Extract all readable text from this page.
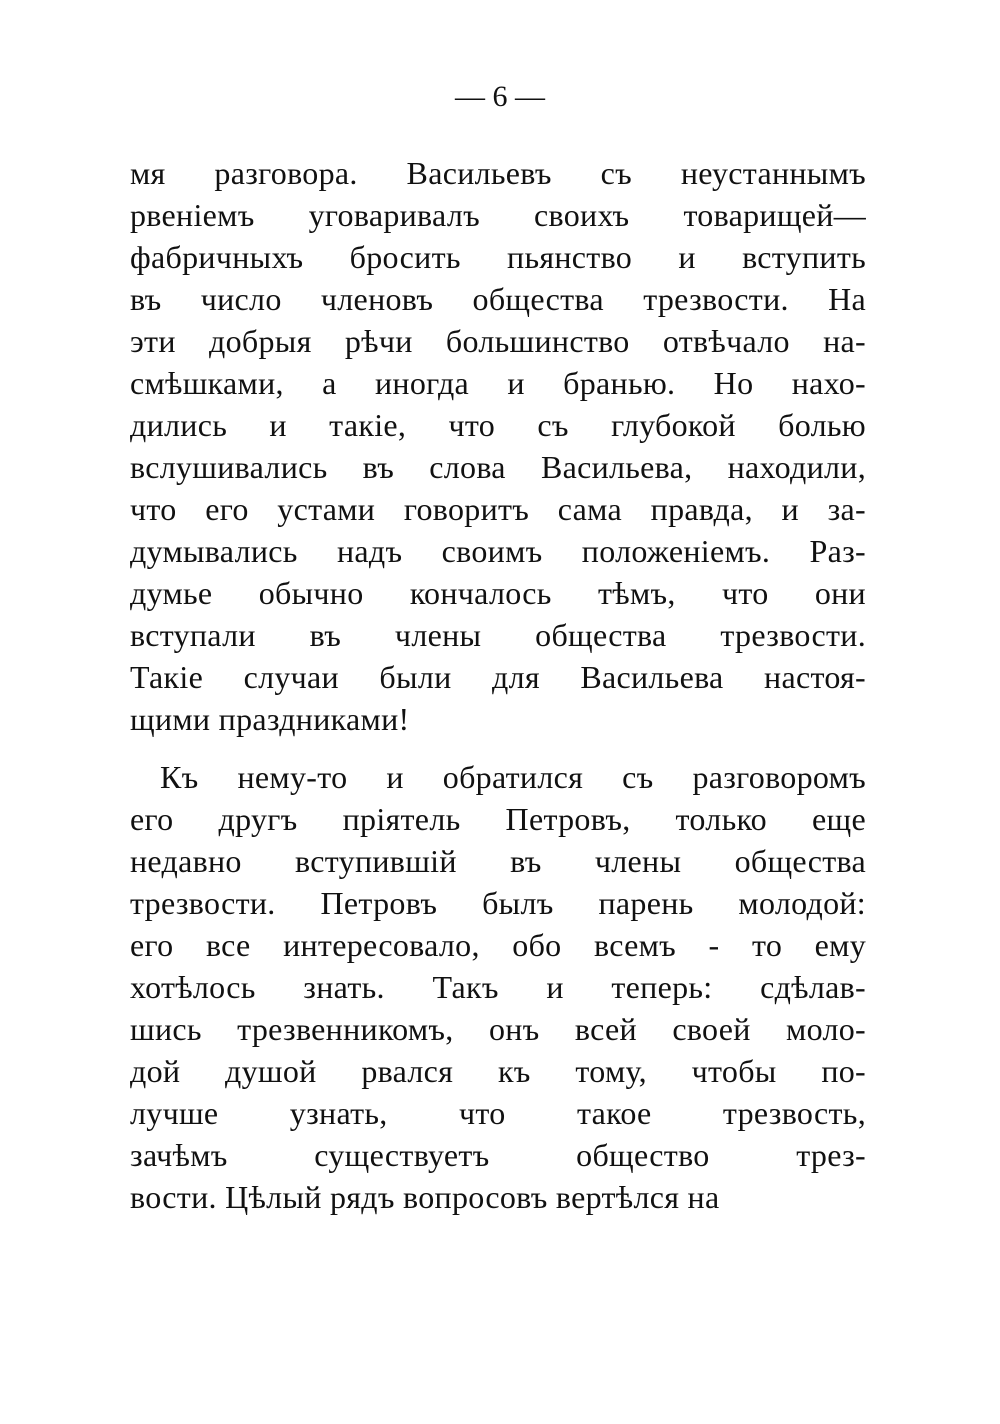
— 6 —
мя разговора. Васильевъ съ неустаннымъ
рвенiемъ уговаривалъ своихъ товарищей—
фабричныхъ бросить пьянство и вступить
въ число членовъ общества трезвости. На
эти добрыя рѣчи большинство отвѣчало на-
смѣшками, а иногда и бранью. Но нахо-
дились и такiе, что съ глубокой болью
вслушивались въ слова Васильева, находили,
что его устами говоритъ сама правда, и за-
думывались надъ своимъ положенiемъ. Раз-
думье обычно кончалось тѣмъ, что они
вступали въ члены общества трезвости.
Такiе случаи были для Васильева настоя-
щими праздниками!
Къ нему-то и обратился съ разговоромъ
его другъ прiятель Петровъ, только еще
недавно вступившiй въ члены общества
трезвости. Петровъ былъ парень молодой:
его все интересовало, обо всемъ - то ему
хотѣлось знать. Такъ и теперь: сдѣлав-
шись трезвенникомъ, онъ всей своей моло-
дой душой рвался къ тому, чтобы по-
лучше узнать, что такое трезвость,
зачѣмъ существуетъ общество трез-
вости. Цѣлый рядъ вопросовъ вертѣлся на
